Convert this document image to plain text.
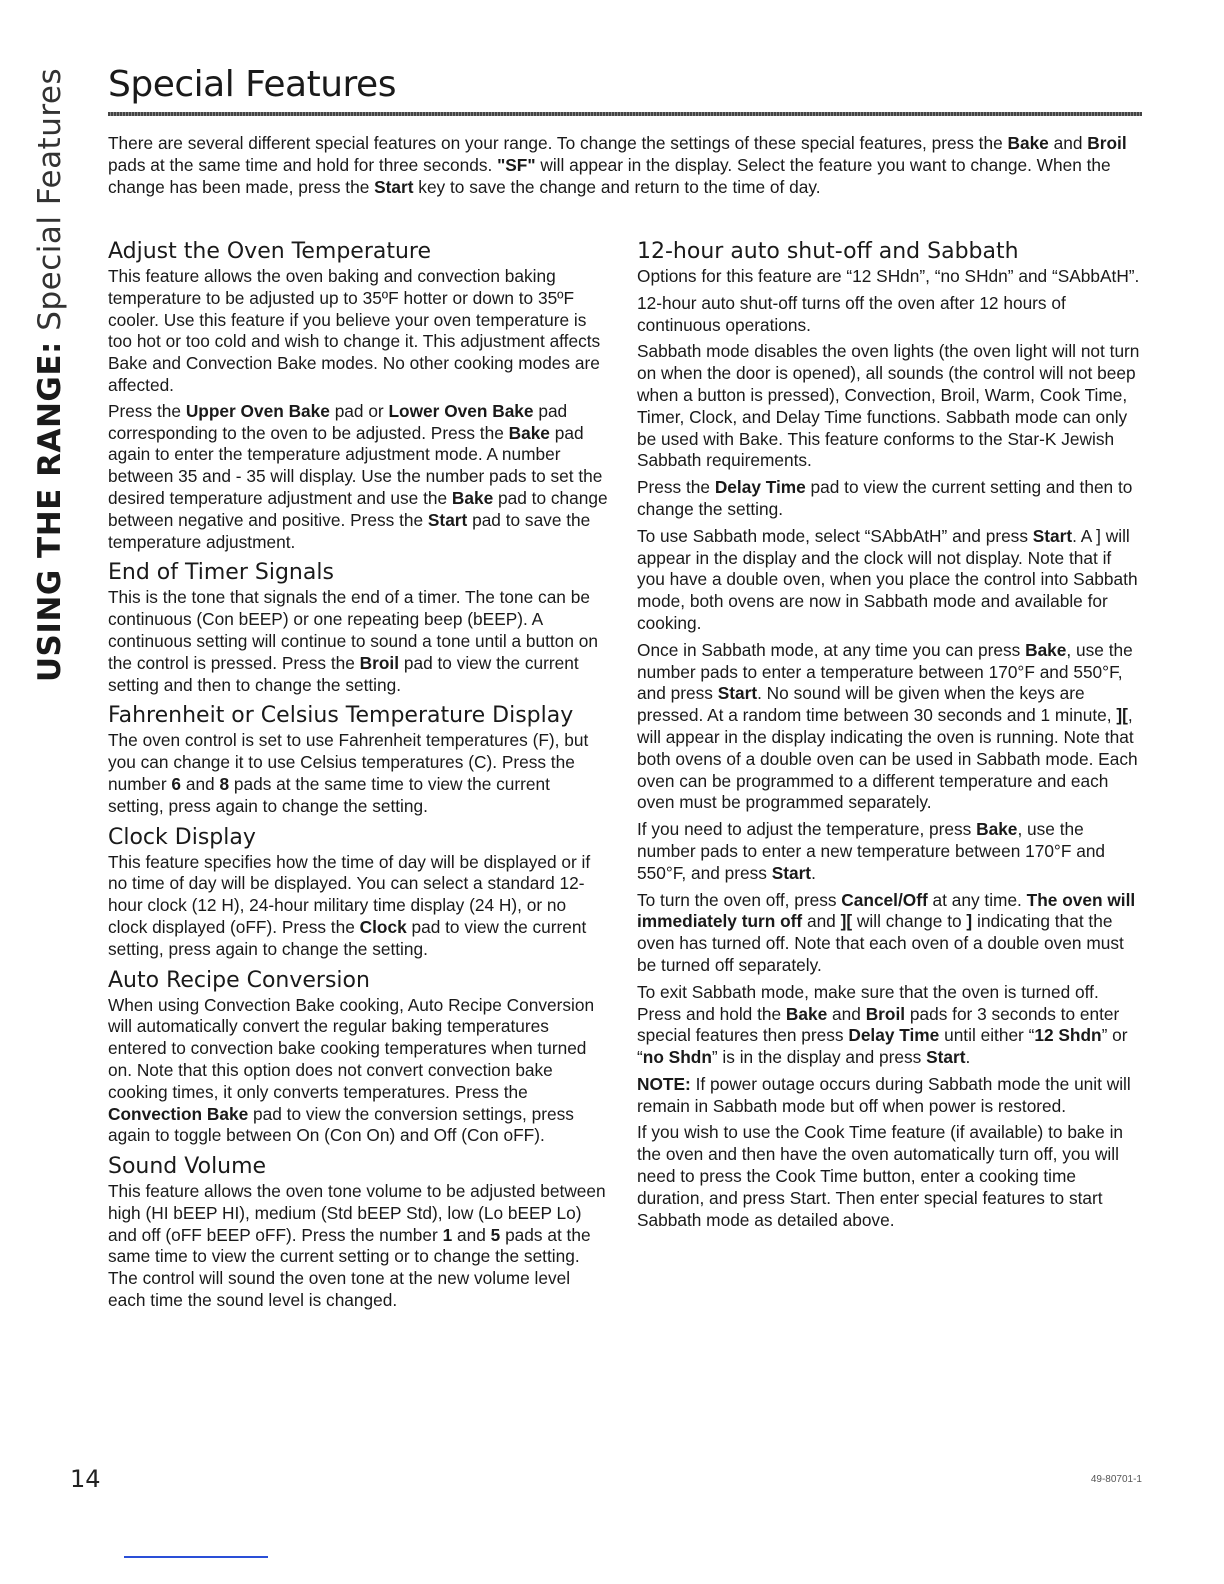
USING THE RANGE: Special Features Special Features

There are several different special features on your range. To change the settings of these special features, press the Bake and Broil pads at the same time and hold for three seconds. "SF" will appear in the display. Select the feature you want to change. When the change has been made, press the Start key to save the change and return to the time of day.

Adjust the Oven Temperature

This feature allows the oven baking and convection baking temperature to be adjusted up to 35ºF hotter or down to 35ºF cooler. Use this feature if you believe your oven temperature is too hot or too cold and wish to change it. This adjustment affects Bake and Convection Bake modes. No other cooking modes are affected.

Press the Upper Oven Bake pad or Lower Oven Bake pad corresponding to the oven to be adjusted. Press the Bake pad again to enter the temperature adjustment mode. A number between 35 and - 35 will display. Use the number pads to set the desired temperature adjustment and use the Bake pad to change between negative and positive. Press the Start pad to save the temperature adjustment.

End of Timer Signals

This is the tone that signals the end of a timer. The tone can be continuous (Con bEEP) or one repeating beep (bEEP). A continuous setting will continue to sound a tone until a button on the control is pressed. Press the Broil pad to view the current setting and then to change the setting.

Fahrenheit or Celsius Temperature Display

The oven control is set to use Fahrenheit temperatures (F), but you can change it to use Celsius temperatures (C). Press the number 6 and 8 pads at the same time to view the current setting, press again to change the setting.

Clock Display

This feature specifies how the time of day will be displayed or if no time of day will be displayed. You can select a standard 12-hour clock (12 H), 24-hour military time display (24 H), or no clock displayed (oFF). Press the Clock pad to view the current setting, press again to change the setting.

Auto Recipe Conversion

When using Convection Bake cooking, Auto Recipe Conversion will automatically convert the regular baking temperatures entered to convection bake cooking temperatures when turned on. Note that this option does not convert convection bake cooking times, it only converts temperatures. Press the Convection Bake pad to view the conversion settings, press again to toggle between On (Con On) and Off (Con oFF).

Sound Volume

This feature allows the oven tone volume to be adjusted between high (HI bEEP HI), medium (Std bEEP Std), low (Lo bEEP Lo) and off (oFF bEEP oFF). Press the number 1 and 5 pads at the same time to view the current setting or to change the setting. The control will sound the oven tone at the new volume level each time the sound level is changed.

12-hour auto shut-off and Sabbath

Options for this feature are “12 SHdn”, “no SHdn” and “SAbbAtH”.

12-hour auto shut-off turns off the oven after 12 hours of continuous operations.

Sabbath mode disables the oven lights (the oven light will not turn on when the door is opened), all sounds (the control will not beep when a button is pressed), Convection, Broil, Warm, Cook Time, Timer, Clock, and Delay Time functions. Sabbath mode can only be used with Bake. This feature conforms to the Star-K Jewish Sabbath requirements.

Press the Delay Time pad to view the current setting and then to change the setting.

To use Sabbath mode, select “SAbbAtH” and press Start. A ] will appear in the display and the clock will not display. Note that if you have a double oven, when you place the control into Sabbath mode, both ovens are now in Sabbath mode and available for cooking.

Once in Sabbath mode, at any time you can press Bake, use the number pads to enter a temperature between 170°F and 550°F, and press Start. No sound will be given when the keys are pressed. At a random time between 30 seconds and 1 minute, ][, will appear in the display indicating the oven is running. Note that both ovens of a double oven can be used in Sabbath mode. Each oven can be programmed to a different temperature and each oven must be programmed separately.

If you need to adjust the temperature, press Bake, use the number pads to enter a new temperature between 170°F and 550°F, and press Start.

To turn the oven off, press Cancel/Off at any time. The oven will immediately turn off and ][ will change to ] indicating that the oven has turned off. Note that each oven of a double oven must be turned off separately.

To exit Sabbath mode, make sure that the oven is turned off. Press and hold the Bake and Broil pads for 3 seconds to enter special features then press Delay Time until either “12 Shdn” or “no Shdn” is in the display and press Start.

NOTE: If power outage occurs during Sabbath mode the unit will remain in Sabbath mode but off when power is restored.

If you wish to use the Cook Time feature (if available) to bake in the oven and then have the oven automatically turn off, you will need to press the Cook Time button, enter a cooking time duration, and press Start. Then enter special features to start Sabbath mode as detailed above.

14	49-80701-1
